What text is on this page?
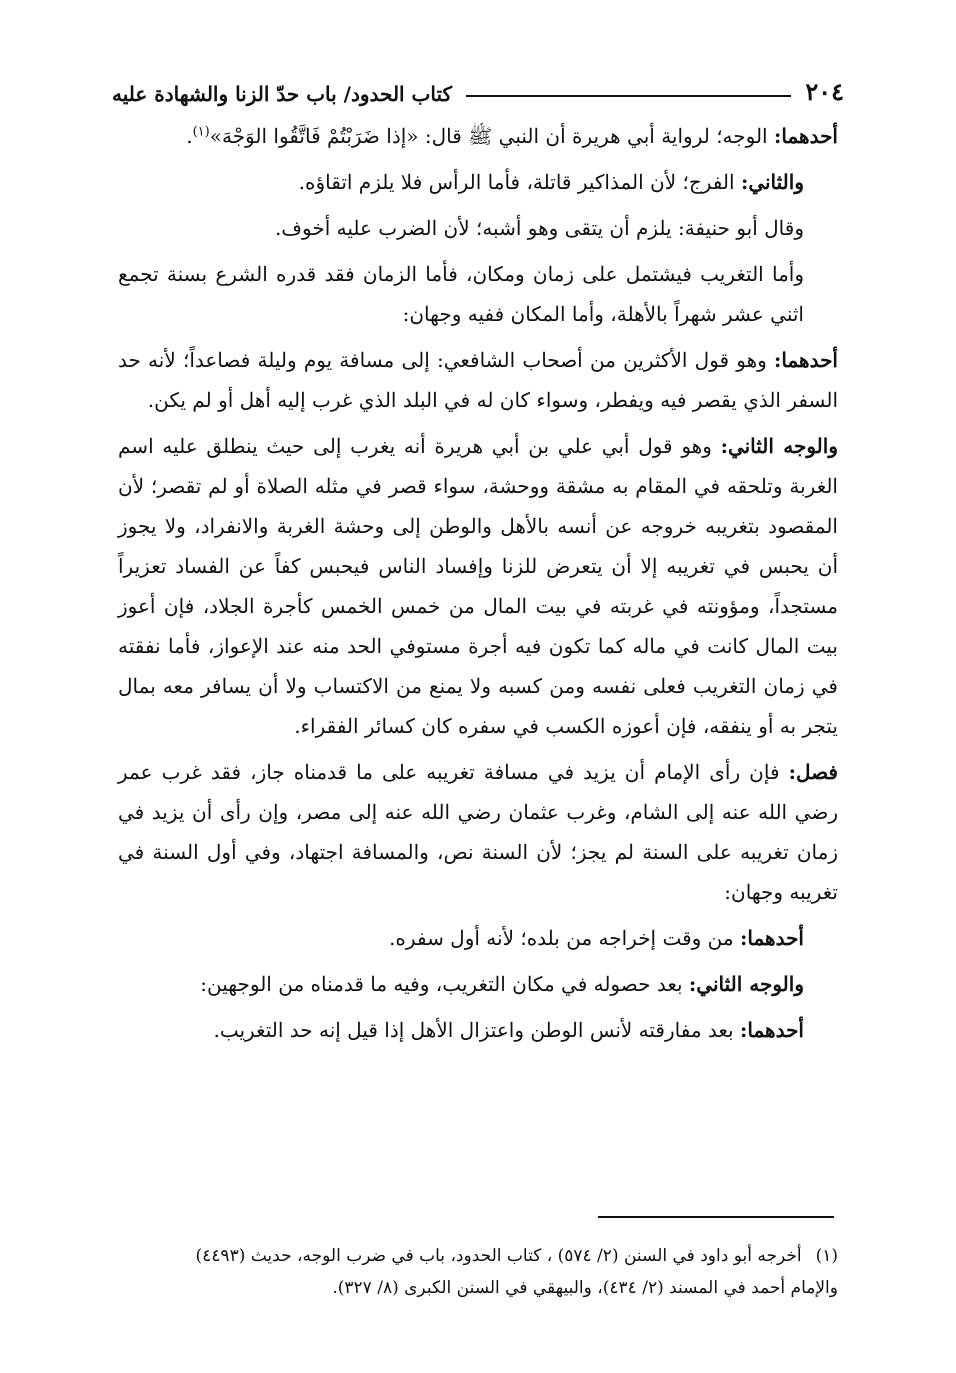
٢٠٤
كتاب الحدود/ باب حدّ الزنا والشهادة عليه

أحدهما: الوجه؛ لرواية أبي هريرة أن النبي ﷺ قال: «إذا ضَرَبْتُمْ فَاتَّقُوا الوَجْهَ»$^{(١)}$.

والثاني: الفرج؛ لأن المذاكير قاتلة، فأما الرأس فلا يلزم اتقاؤه.

وقال أبو حنيفة: يلزم أن يتقى وهو أشبه؛ لأن الضرب عليه أخوف.

وأما التغريب فيشتمل على زمان ومكان، فأما الزمان فقد قدره الشرع بسنة تجمع اثني عشر شهراً بالأهلة، وأما المكان ففيه وجهان:

أحدهما: وهو قول الأكثرين من أصحاب الشافعي: إلى مسافة يوم وليلة فصاعداً؛ لأنه حد السفر الذي يقصر فيه ويفطر، وسواء كان له في البلد الذي غرب إليه أهل أو لم يكن.

والوجه الثاني: وهو قول أبي علي بن أبي هريرة أنه يغرب إلى حيث ينطلق عليه اسم الغربة وتلحقه في المقام به مشقة ووحشة، سواء قصر في مثله الصلاة أو لم تقصر؛ لأن المقصود بتغريبه خروجه عن أنسه بالأهل والوطن إلى وحشة الغربة والانفراد، ولا يجوز أن يحبس في تغريبه إلا أن يتعرض للزنا وإفساد الناس فيحبس كفاً عن الفساد تعزيراً مستجداً، ومؤونته في غربته في بيت المال من خمس الخمس كأجرة الجلاد، فإن أعوز بيت المال كانت في ماله كما تكون فيه أجرة مستوفي الحد منه عند الإعواز، فأما نفقته في زمان التغريب فعلى نفسه ومن كسبه ولا يمنع من الاكتساب ولا أن يسافر معه بمال يتجر به أو ينفقه، فإن أعوزه الكسب في سفره كان كسائر الفقراء.

فصل: فإن رأى الإمام أن يزيد في مسافة تغريبه على ما قدمناه جاز، فقد غرب عمر رضي الله عنه إلى الشام، وغرب عثمان رضي الله عنه إلى مصر، وإن رأى أن يزيد في زمان تغريبه على السنة لم يجز؛ لأن السنة نص، والمسافة اجتهاد، وفي أول السنة في تغريبه وجهان:

أحدهما: من وقت إخراجه من بلده؛ لأنه أول سفره.

والوجه الثاني: بعد حصوله في مكان التغريب، وفيه ما قدمناه من الوجهين:

أحدهما: بعد مفارقته لأنس الوطن واعتزال الأهل إذا قيل إنه حد التغريب.

(١)أخرجه أبو داود في السنن (٢/ ٥٧٤) ، كتاب الحدود، باب في ضرب الوجه، حديث (٤٤٩٣)

والإمام أحمد في المسند (٢/ ٤٣٤)، والبيهقي في السنن الكبرى (٨/ ٣٢٧).
